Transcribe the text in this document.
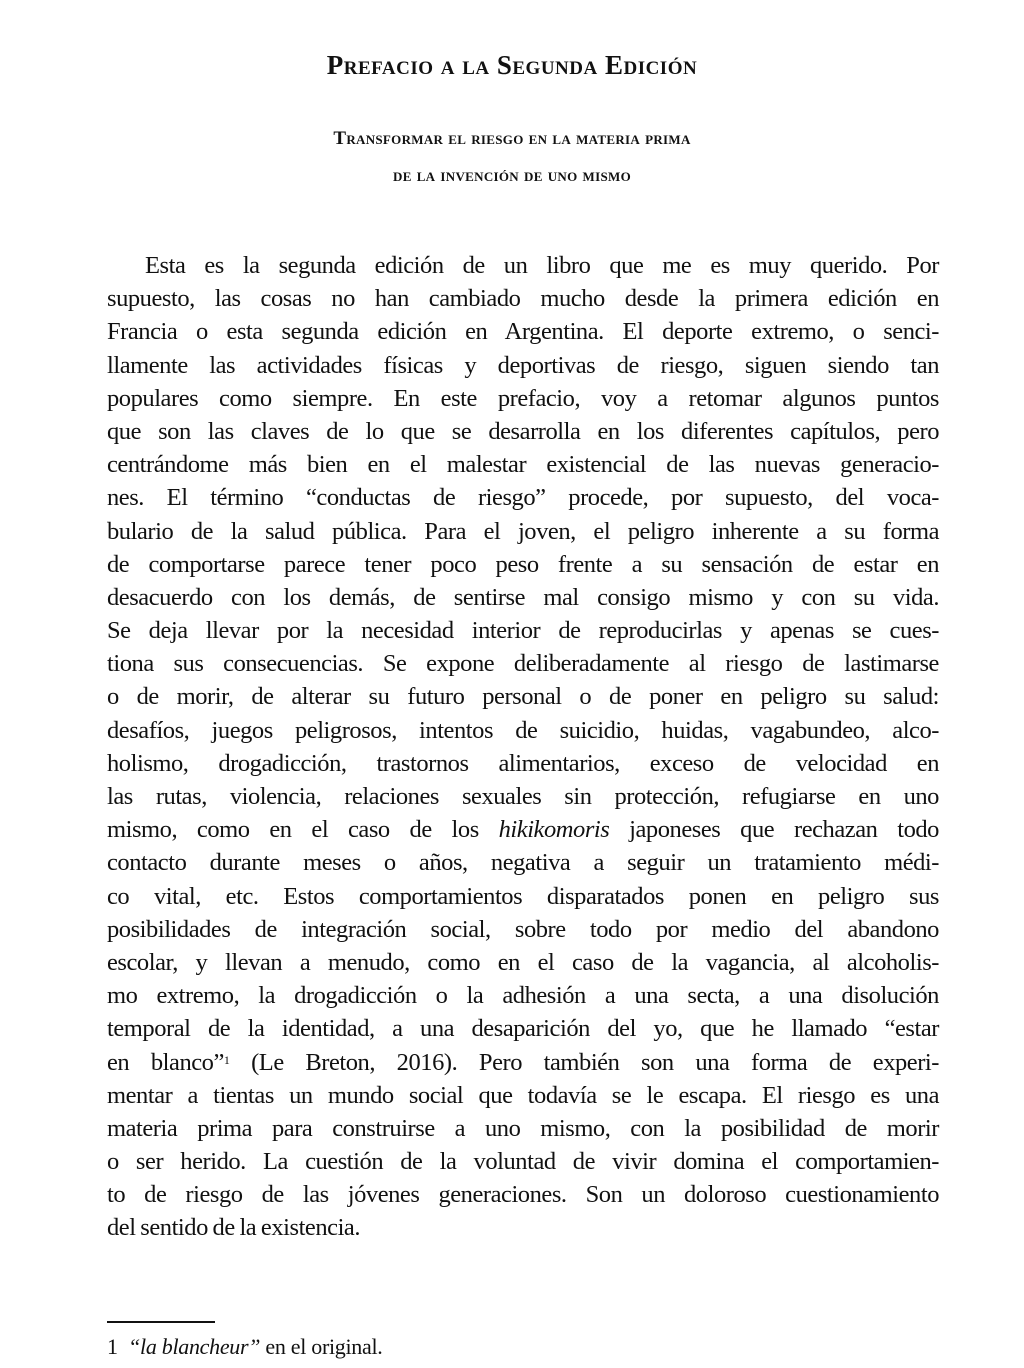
Prefacio a la Segunda Edición
Transformar el riesgo en la materia prima
de la invención de uno mismo
Esta es la segunda edición de un libro que me es muy querido. Por
supuesto, las cosas no han cambiado mucho desde la primera edición en
Francia o esta segunda edición en Argentina. El deporte extremo, o senci-
llamente las actividades físicas y deportivas de riesgo, siguen siendo tan
populares como siempre. En este prefacio, voy a retomar algunos puntos
que son las claves de lo que se desarrolla en los diferentes capítulos, pero
centrándome más bien en el malestar existencial de las nuevas generacio-
nes. El término “conductas de riesgo” procede, por supuesto, del voca-
bulario de la salud pública. Para el joven, el peligro inherente a su forma
de comportarse parece tener poco peso frente a su sensación de estar en
desacuerdo con los demás, de sentirse mal consigo mismo y con su vida.
Se deja llevar por la necesidad interior de reproducirlas y apenas se cues-
tiona sus consecuencias. Se expone deliberadamente al riesgo de lastimarse
o de morir, de alterar su futuro personal o de poner en peligro su salud:
desafíos, juegos peligrosos, intentos de suicidio, huidas, vagabundeo, alco-
holismo, drogadicción, trastornos alimentarios, exceso de velocidad en
las rutas, violencia, relaciones sexuales sin protección, refugiarse en uno
mismo, como en el caso de los hikikomoris japoneses que rechazan todo
contacto durante meses o años, negativa a seguir un tratamiento médi-
co vital, etc. Estos comportamientos disparatados ponen en peligro sus
posibilidades de integración social, sobre todo por medio del abandono
escolar, y llevan a menudo, como en el caso de la vagancia, al alcoholis-
mo extremo, la drogadicción o la adhesión a una secta, a una disolución
temporal de la identidad, a una desaparición del yo, que he llamado “estar
en blanco”$^1$ (Le Breton, 2016). Pero también son una forma de experi-
mentar a tientas un mundo social que todavía se le escapa. El riesgo es una
materia prima para construirse a uno mismo, con la posibilidad de morir
o ser herido. La cuestión de la voluntad de vivir domina el comportamien-
to de riesgo de las jóvenes generaciones. Son un doloroso cuestionamiento
del sentido de la existencia.
1 “la blancheur” en el original.
